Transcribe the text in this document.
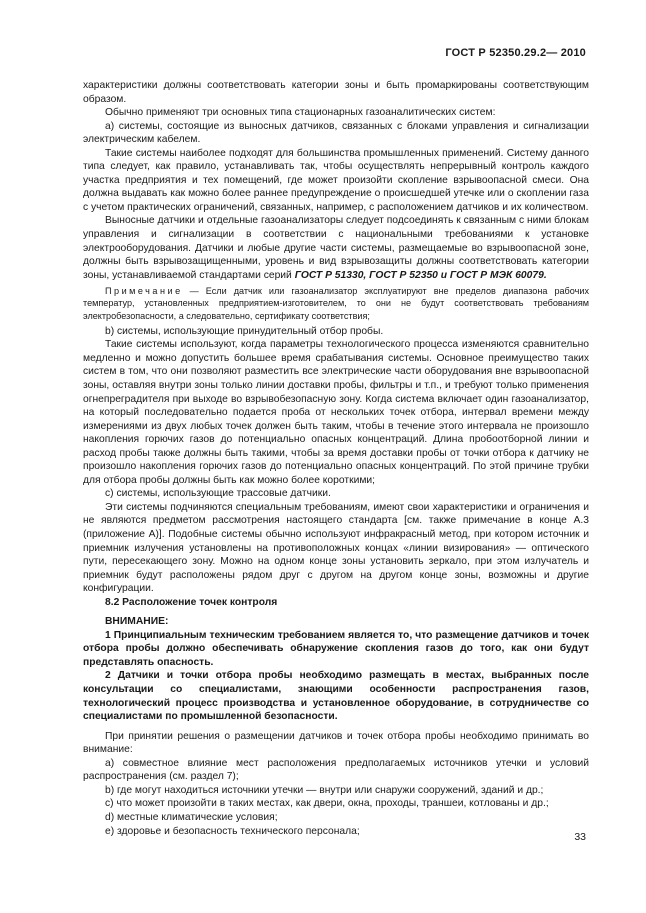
ГОСТ Р 52350.29.2— 2010

характеристики должны соответствовать категории зоны и быть промаркированы соответствующим образом.

Обычно применяют три основных типа стационарных газоаналитических систем:

а) системы, состоящие из выносных датчиков, связанных с блоками управления и сигнализации электрическим кабелем.

Такие системы наиболее подходят для большинства промышленных применений. Систему данного типа следует, как правило, устанавливать так, чтобы осуществлять непрерывный контроль каждого участка предприятия и тех помещений, где может произойти скопление взрывоопасной смеси. Она должна выдавать как можно более раннее предупреждение о происшедшей утечке или о скоплении газа с учетом практических ограничений, связанных, например, с расположением датчиков и их количеством.

Выносные датчики и отдельные газоанализаторы следует подсоединять к связанным с ними блокам управления и сигнализации в соответствии с национальными требованиями к установке электрооборудования. Датчики и любые другие части системы, размещаемые во взрывоопасной зоне, должны быть взрывозащищенными, уровень и вид взрывозащиты должны соответствовать категории зоны, устанавливаемой стандартами серий ГОСТ Р 51330, ГОСТ Р 52350 и ГОСТ Р МЭК 60079.

Примечание — Если датчик или газоанализатор эксплуатируют вне пределов диапазона рабочих температур, установленных предприятием-изготовителем, то они не будут соответствовать требованиям электробезопасности, а следовательно, сертификату соответствия;

b) системы, использующие принудительный отбор пробы.

Такие системы используют, когда параметры технологического процесса изменяются сравнительно медленно и можно допустить большее время срабатывания системы. Основное преимущество таких систем в том, что они позволяют разместить все электрические части оборудования вне взрывоопасной зоны, оставляя внутри зоны только линии доставки пробы, фильтры и т.п., и требуют только применения огнепреградителя при выходе во взрывобезопасную зону. Когда система включает один газоанализатор, на который последовательно подается проба от нескольких точек отбора, интервал времени между измерениями из двух любых точек должен быть таким, чтобы в течение этого интервала не произошло накопления горючих газов до потенциально опасных концентраций. Длина пробоотборной линии и расход пробы также должны быть такими, чтобы за время доставки пробы от точки отбора к датчику не произошло накопления горючих газов до потенциально опасных концентраций. По этой причине трубки для отбора пробы должны быть как можно более короткими;

c) системы, использующие трассовые датчики.

Эти системы подчиняются специальным требованиям, имеют свои характеристики и ограничения и не являются предметом рассмотрения настоящего стандарта [см. также примечание в конце А.3 (приложение А)]. Подобные системы обычно используют инфракрасный метод, при котором источник и приемник излучения установлены на противоположных концах «линии визирования» — оптического пути, пересекающего зону. Можно на одном конце зоны установить зеркало, при этом излучатель и приемник будут расположены рядом друг с другом на другом конце зоны, возможны и другие конфигурации.

8.2 Расположение точек контроля

ВНИМАНИЕ:

1 Принципиальным техническим требованием является то, что размещение датчиков и точек отбора пробы должно обеспечивать обнаружение скопления газов до того, как они будут представлять опасность.

2 Датчики и точки отбора пробы необходимо размещать в местах, выбранных после консультации со специалистами, знающими особенности распространения газов, технологический процесс производства и установленное оборудование, в сотрудничестве со специалистами по промышленной безопасности.

При принятии решения о размещении датчиков и точек отбора пробы необходимо принимать во внимание:

а) совместное влияние мест расположения предполагаемых источников утечки и условий распространения (см. раздел 7);

b) где могут находиться источники утечки — внутри или снаружи сооружений, зданий и др.;

с) что может произойти в таких местах, как двери, окна, проходы, траншеи, котлованы и др.;

d) местные климатические условия;

е) здоровье и безопасность технического персонала;	33
